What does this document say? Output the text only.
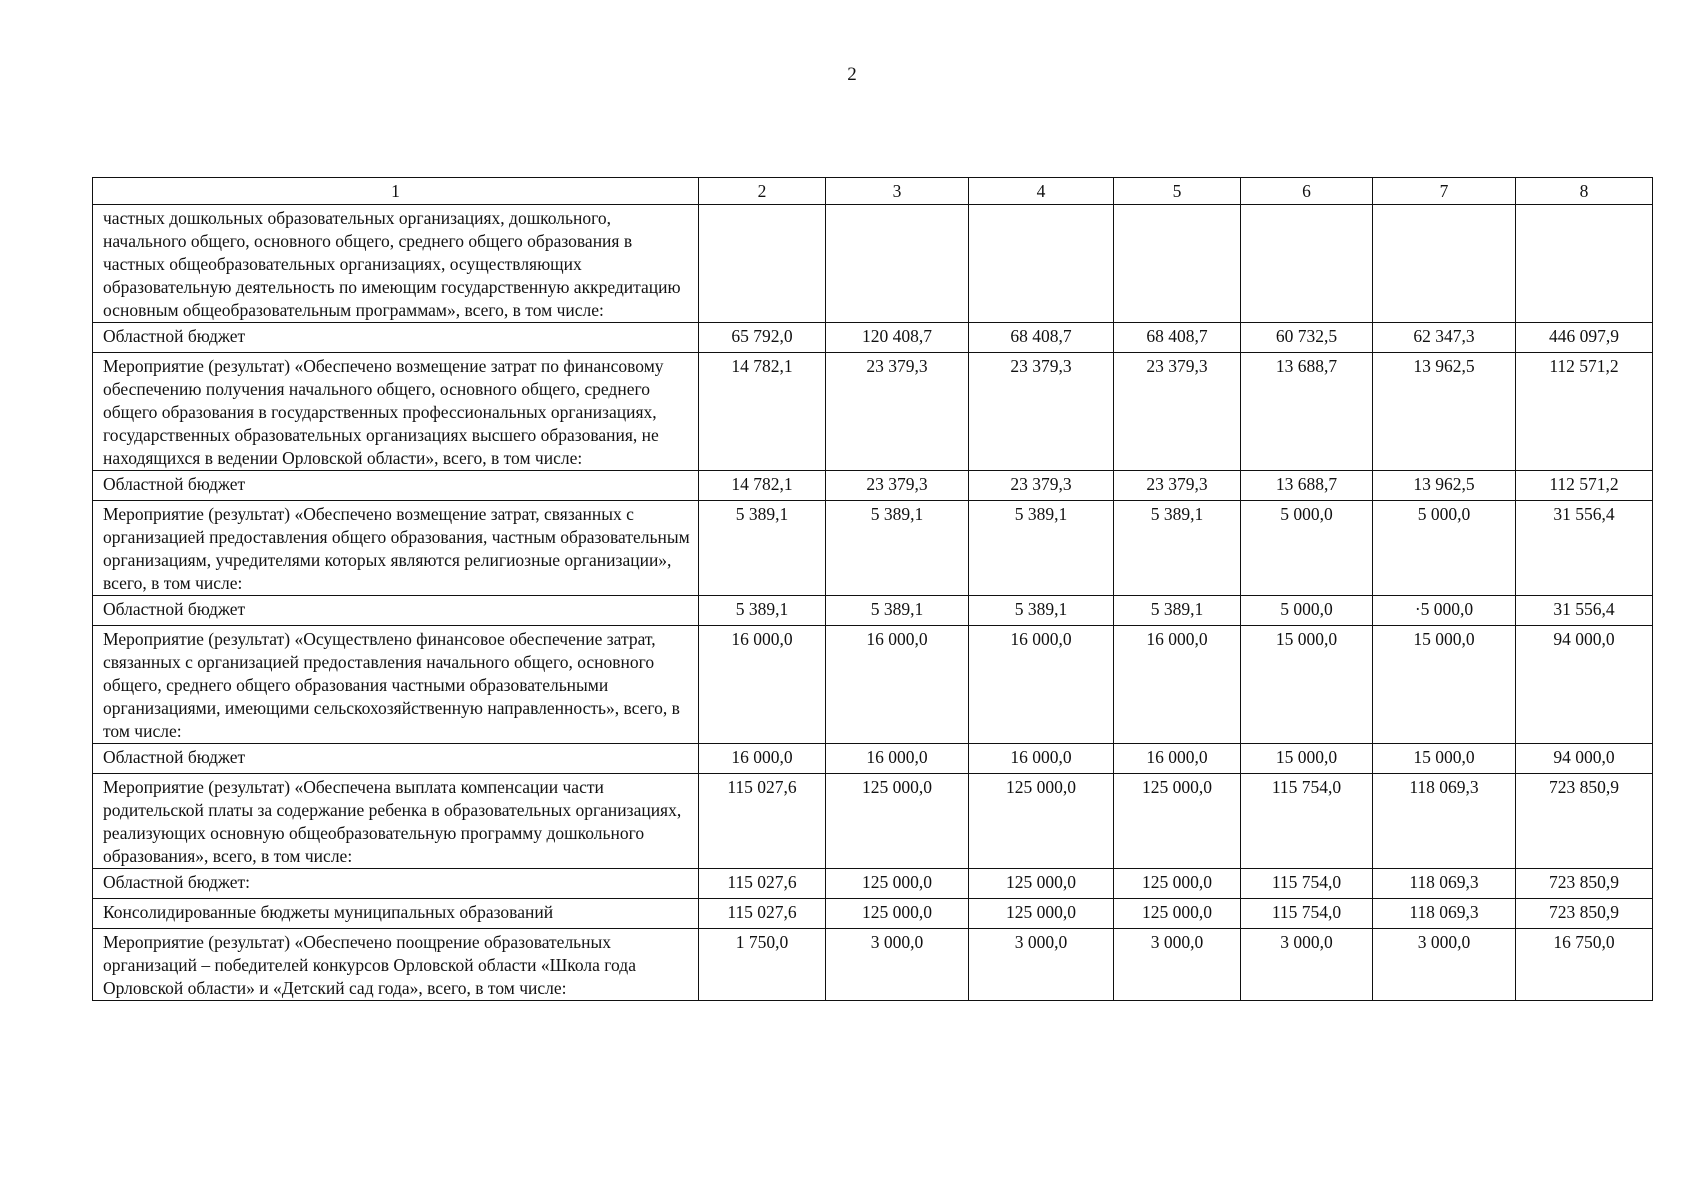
2
1	2	3	4	5	6	7	8
частных дошкольных образовательных организациях, дошкольного, начального общего, основного общего, среднего общего образования в частных общеобразовательных организациях, осуществляющих образовательную деятельность по имеющим государственную аккредитацию основным общеобразовательным программам», всего, в том числе:							
Областной бюджет	65 792,0	120 408,7	68 408,7	68 408,7	60 732,5	62 347,3	446 097,9
Мероприятие (результат) «Обеспечено возмещение затрат по финансовому обеспечению получения начального общего, основного общего, среднего общего образования в государственных профессиональных организациях, государственных образовательных организациях высшего образования, не находящихся в ведении Орловской области», всего, в том числе:	14 782,1	23 379,3	23 379,3	23 379,3	13 688,7	13 962,5	112 571,2
Областной бюджет	14 782,1	23 379,3	23 379,3	23 379,3	13 688,7	13 962,5	112 571,2
Мероприятие (результат) «Обеспечено возмещение затрат, связанных с организацией предоставления общего образования, частным образовательным организациям, учредителями которых являются религиозные организации», всего, в том числе:	5 389,1	5 389,1	5 389,1	5 389,1	5 000,0	5 000,0	31 556,4
Областной бюджет	5 389,1	5 389,1	5 389,1	5 389,1	5 000,0	·5 000,0	31 556,4
Мероприятие (результат) «Осуществлено финансовое обеспечение затрат, связанных с организацией предоставления начального общего, основного общего, среднего общего образования частными образовательными организациями, имеющими сельскохозяйственную направленность», всего, в том числе:	16 000,0	16 000,0	16 000,0	16 000,0	15 000,0	15 000,0	94 000,0
Областной бюджет	16 000,0	16 000,0	16 000,0	16 000,0	15 000,0	15 000,0	94 000,0
Мероприятие (результат) «Обеспечена выплата компенсации части родительской платы за содержание ребенка в образовательных организациях, реализующих основную общеобразовательную программу дошкольного образования», всего, в том числе:	115 027,6	125 000,0	125 000,0	125 000,0	115 754,0	118 069,3	723 850,9
Областной бюджет:	115 027,6	125 000,0	125 000,0	125 000,0	115 754,0	118 069,3	723 850,9
Консолидированные бюджеты муниципальных образований	115 027,6	125 000,0	125 000,0	125 000,0	115 754,0	118 069,3	723 850,9
Мероприятие (результат) «Обеспечено поощрение образовательных организаций – победителей конкурсов Орловской области «Школа года Орловской области» и «Детский сад года», всего, в том числе:	1 750,0	3 000,0	3 000,0	3 000,0	3 000,0	3 000,0	16 750,0
